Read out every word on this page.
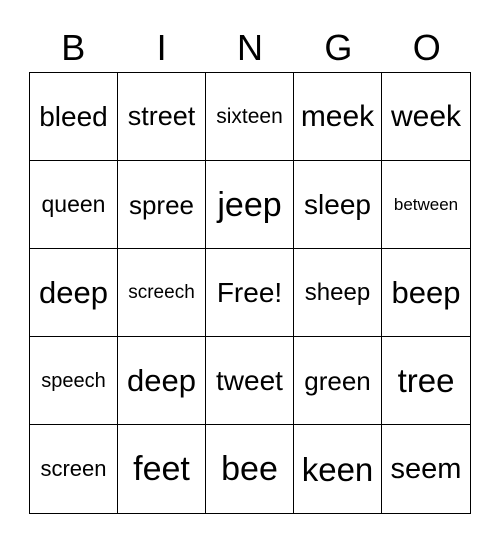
B	I	N	G	O
bleed street sixteen meek week
queen spree jeep sleep	between
deep	screech Free! sheep beep
speech deep tweet green tree
screen feet bee keen seem
